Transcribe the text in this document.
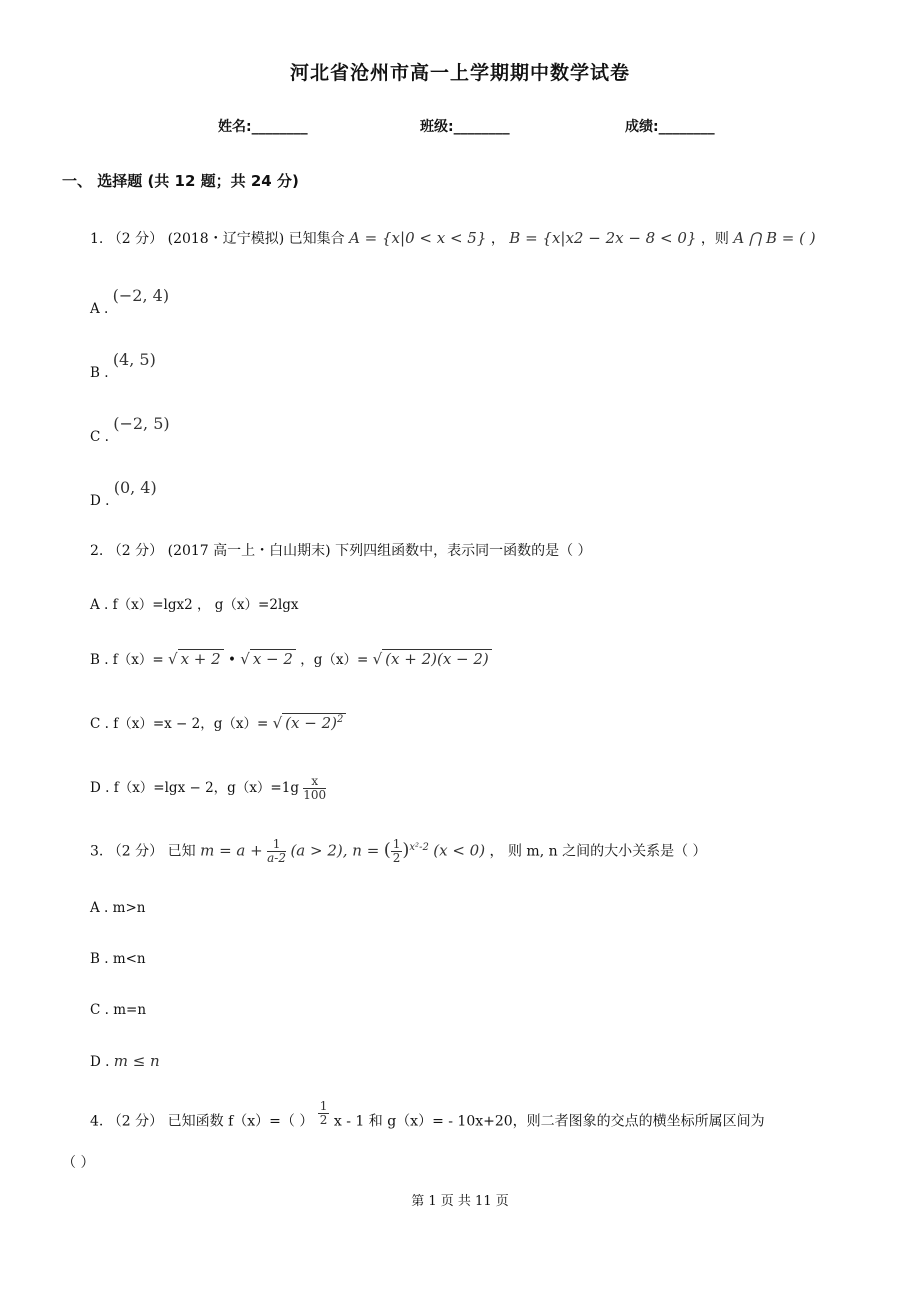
河北省沧州市高一上学期期中数学试卷
姓名:________	班级:________	成绩:________
一、 选择题 (共 12 题；共 24 分)
1. （2 分） (2018・辽宁模拟) 已知集合 A = {x|0 < x < 5} ， B = {x|x2 − 2x − 8 < 0} ，则 A ⋂ B = ( )
A . (−2, 4)
B . (4, 5)
C . (−2, 5)
D . (0, 4)
2. （2 分） (2017 高一上・白山期末) 下列四组函数中，表示同一函数的是（ ）
A . f（x）=lgx2 ， g（x）=2lgx
B . f（x）= √ x + 2 • √ x − 2 ，g（x）= √ (x + 2)(x − 2)
C . f（x）=x − 2，g（x）= √ $(x - 2)^2$
D . f（x）=lgx − 2，$g(x)=1g \frac{x}{100}$
3. （2 分） 已知 $m = a + \frac{1}{a-2} (a > 2)$, n = ( $\frac{1}{2} )^{x^2-2}$ (x < 0) ， 则 m, n 之间的大小关系是（ ）
A . m>n
B . m<n
C . m=n
D . m ≤ n
4. （2 分） 已知函数 f（x）=（ ） $\frac{1}{2}$ x - 1 和 g（x）= - 10x+20，则二者图象的交点的横坐标所属区间为
（ ）
第 1 页 共 11 页
